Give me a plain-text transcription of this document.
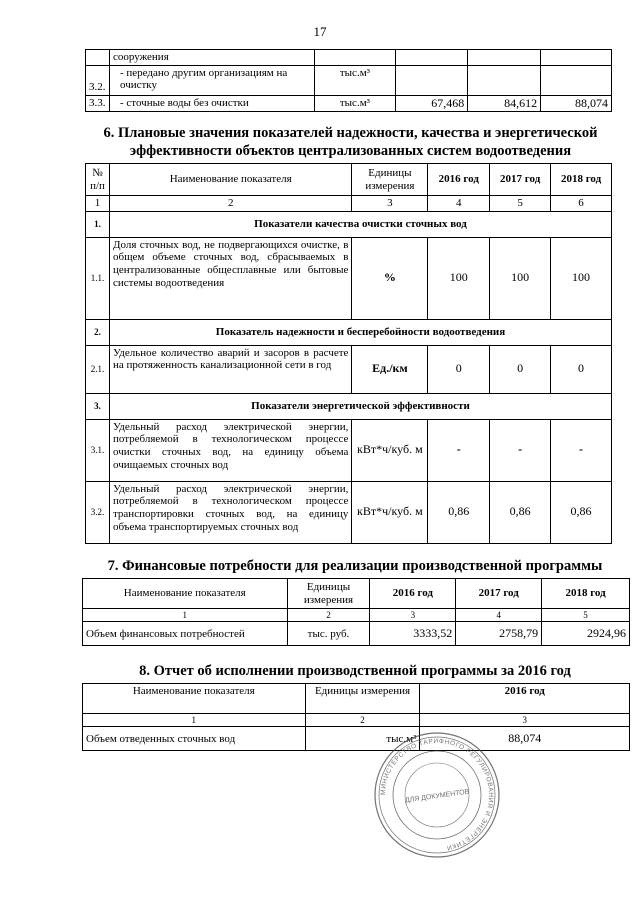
17
	сооружения				
3.2.	- передано другим организациям на очистку	тыс.м³			
3.3.	- сточные воды без очистки	тыс.м³	67,468	84,612	88,074
6. Плановые значения показателей надежности, качества и энергетической эффективности объектов централизованных систем водоотведения
№ п/п	Наименование показателя	Единицы измерения	2016 год	2017 год	2018 год
1	2	3	4	5	6
1.	Показатели качества очистки сточных вод				
1.1.	Доля сточных вод, не подвергающихся очистке, в общем объеме сточных вод, сбрасываемых в централизованные общесплавные или бытовые системы водоотведения	%	100	100	100
2.	Показатель надежности и бесперебойности водоотведения				
2.1.	Удельное количество аварий и засоров в расчете на протяженность канализационной сети в год	Ед./км	0	0	0
3.	Показатели энергетической эффективности				
3.1.	Удельный расход электрической энергии, потребляемой в технологическом процессе очистки сточных вод, на единицу объема очищаемых сточных вод	кВт*ч/куб. м	-	-	-
3.2.	Удельный расход электрической энергии, потребляемой в технологическом процессе транспортировки сточных вод, на единицу объема транспортируемых сточных вод	кВт*ч/куб. м	0,86	0,86	0,86
7. Финансовые потребности для реализации производственной программы
Наименование показателя	Единицы измерения	2016 год	2017 год	2018 год
1	2	3	4	5
Объем финансовых потребностей	тыс. руб.	3333,52	2758,79	2924,96
8. Отчет об исполнении производственной программы за 2016 год
Наименование показателя	Единицы измерения	2016 год
1	2	3
Объем отведенных сточных вод	тыс.м³	88,074
МИНИСТЕРСТВО ТАРИФНОГО РЕГУЛИРОВАНИЯ И ЭНЕРГЕТИКИ
ДЛЯ ДОКУМЕНТОВ
